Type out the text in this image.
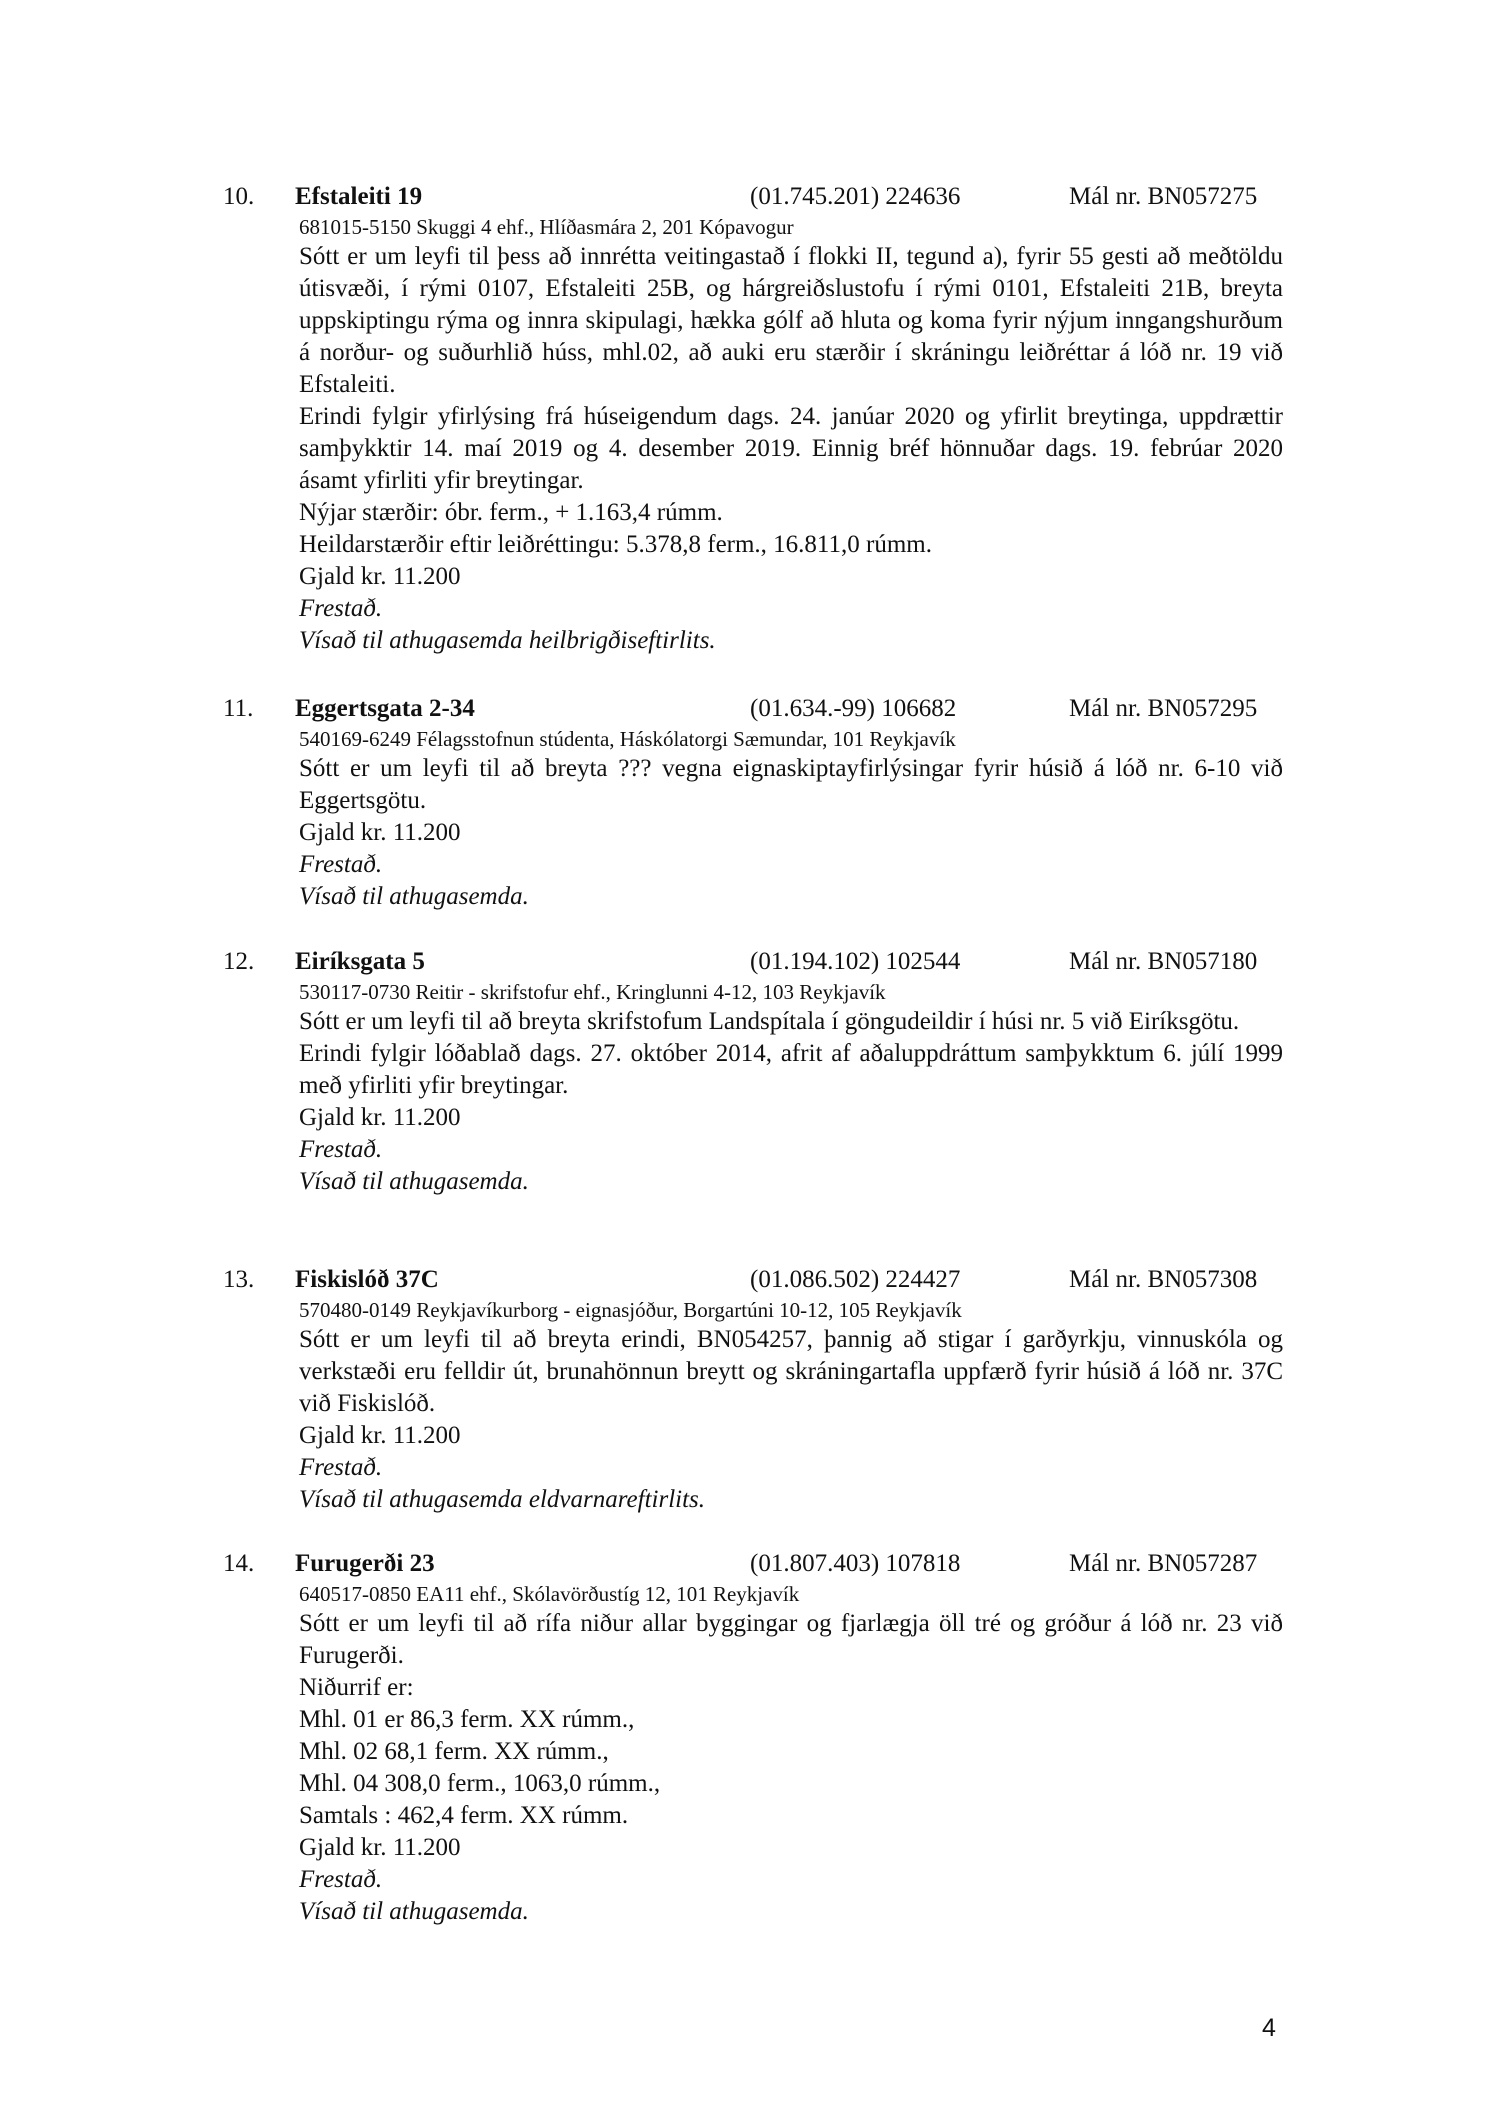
10. Efstaleiti 19	(01.745.201) 224636	Mál nr. BN057275
681015-5150 Skuggi 4 ehf., Hlíðasmára 2, 201 Kópavogur
Sótt er um leyfi til þess að innrétta veitingastað í flokki II, tegund a), fyrir 55 gesti að meðtöldu útisvæði, í rými 0107, Efstaleiti 25B, og hárgreiðslustofu í rými 0101, Efstaleiti 21B, breyta uppskiptingu rýma og innra skipulagi, hækka gólf að hluta og koma fyrir nýjum inngangshurðum á norður- og suðurhlið húss, mhl.02, að auki eru stærðir í skráningu leiðréttar á lóð nr. 19 við Efstaleiti.
Erindi fylgir yfirlýsing frá húseigendum dags. 24. janúar 2020 og yfirlit breytinga, uppdrættir samþykktir 14. maí 2019 og 4. desember 2019. Einnig bréf hönnuðar dags. 19. febrúar 2020 ásamt yfirliti yfir breytingar.
Nýjar stærðir: óbr. ferm., + 1.163,4 rúmm.
Heildarstærðir eftir leiðréttingu: 5.378,8 ferm., 16.811,0 rúmm.
Gjald kr. 11.200
Frestað.
Vísað til athugasemda heilbrigðiseftirlits.
11. Eggertsgata 2-34	(01.634.-99) 106682	Mál nr. BN057295
540169-6249 Félagsstofnun stúdenta, Háskólatorgi Sæmundar, 101 Reykjavík
Sótt er um leyfi til að breyta ??? vegna eignaskiptayfirlýsingar fyrir húsið á lóð nr. 6-10 við Eggertsgötu.
Gjald kr. 11.200
Frestað.
Vísað til athugasemda.
12. Eiríksgata 5	(01.194.102) 102544	Mál nr. BN057180
530117-0730 Reitir - skrifstofur ehf., Kringlunni 4-12, 103 Reykjavík
Sótt er um leyfi til að breyta skrifstofum Landspítala í göngudeildir í húsi nr. 5 við Eiríksgötu.
Erindi fylgir lóðablað dags. 27. október 2014, afrit af aðaluppdráttum samþykktum 6. júlí 1999 með yfirliti yfir breytingar.
Gjald kr. 11.200
Frestað.
Vísað til athugasemda.
13. Fiskislóð 37C	(01.086.502) 224427	Mál nr. BN057308
570480-0149 Reykjavíkurborg - eignasjóður, Borgartúni 10-12, 105 Reykjavík
Sótt er um leyfi til að breyta erindi, BN054257, þannig að stigar í garðyrkju, vinnuskóla og verkstæði eru felldir út, brunahönnun breytt og skráningartafla uppfærð fyrir húsið á lóð nr. 37C við Fiskislóð.
Gjald kr. 11.200
Frestað.
Vísað til athugasemda eldvarnareftirlits.
14. Furugerði 23	(01.807.403) 107818	Mál nr. BN057287
640517-0850 EA11 ehf., Skólavörðustíg 12, 101 Reykjavík
Sótt er um leyfi til að rífa niður allar byggingar og fjarlægja öll tré og gróður á lóð nr. 23 við Furugerði.
Niðurrif er:
Mhl. 01 er 86,3 ferm. XX rúmm.,
Mhl. 02 68,1 ferm. XX rúmm.,
Mhl. 04 308,0 ferm., 1063,0 rúmm.,
Samtals : 462,4 ferm. XX rúmm.
Gjald kr. 11.200
Frestað.
Vísað til athugasemda.
4
